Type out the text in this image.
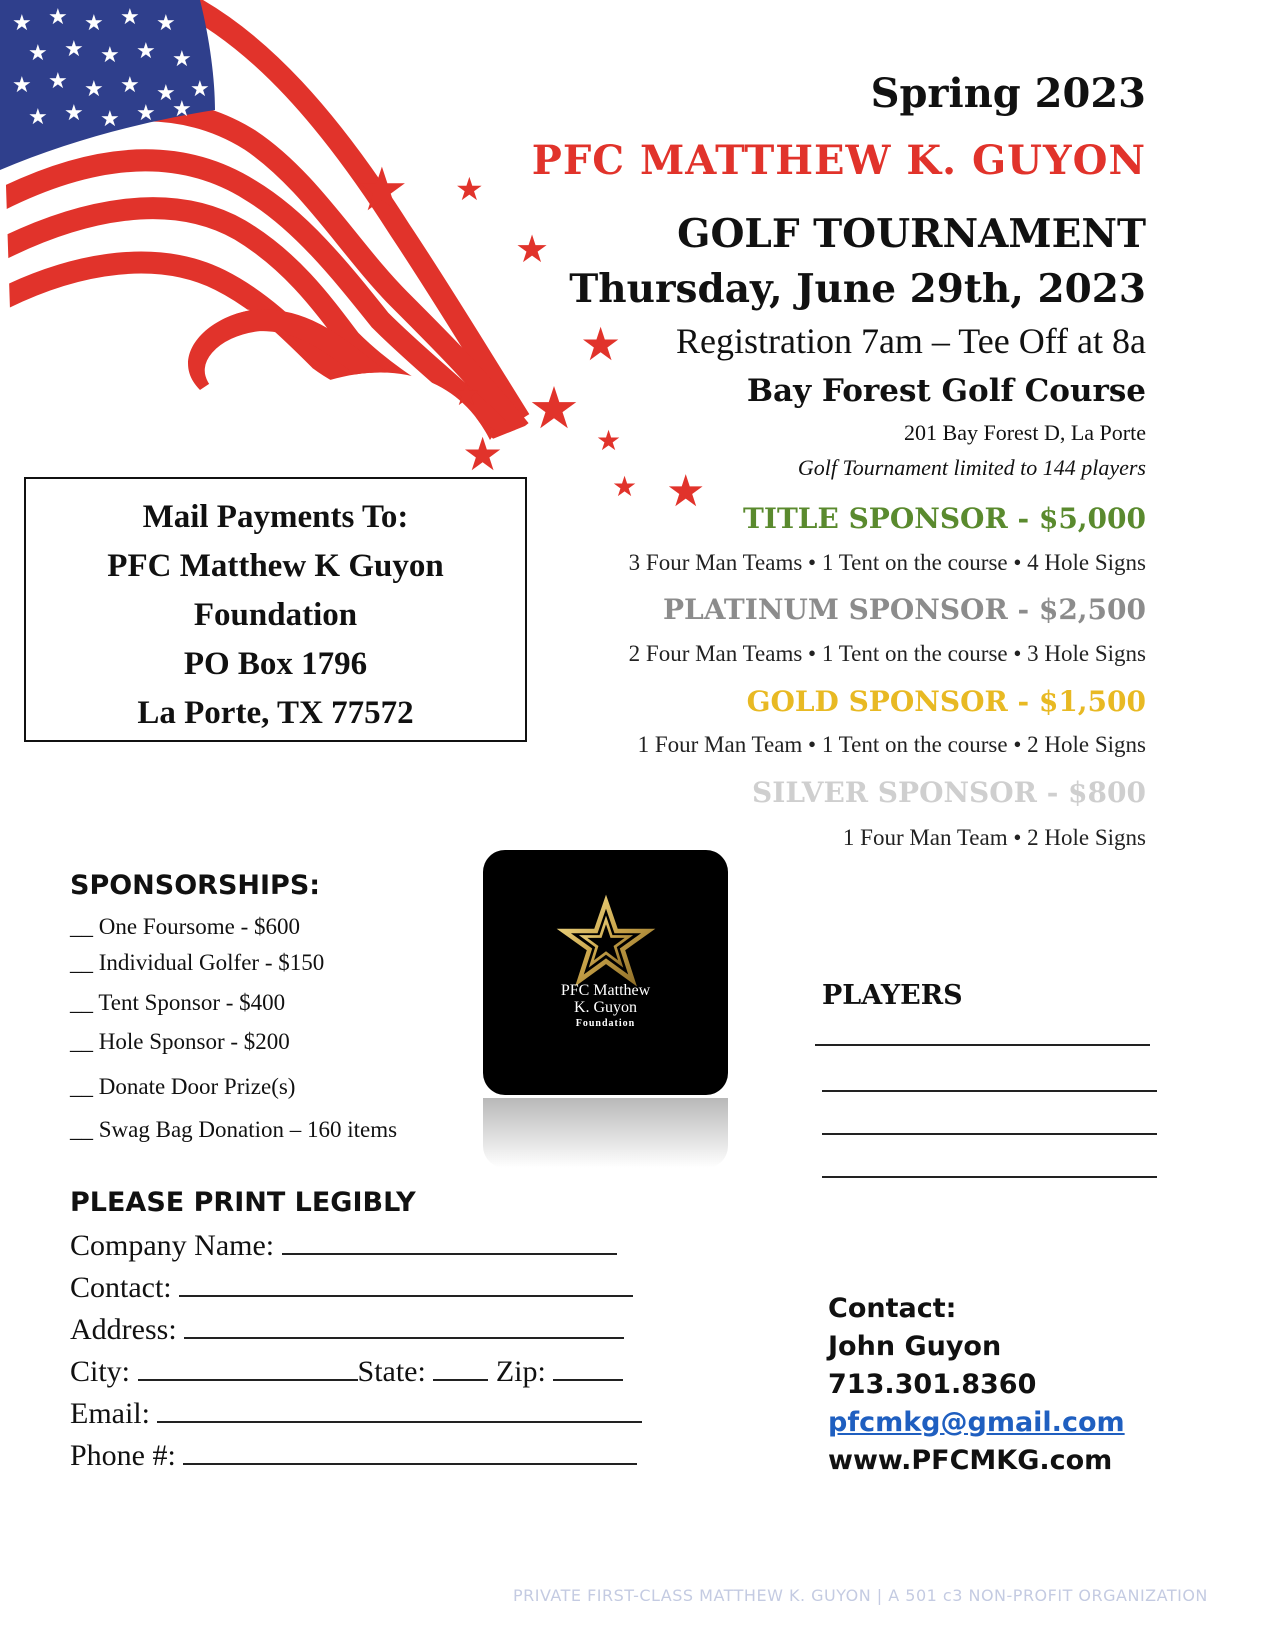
★ ★ ★ ★ ★
★ ★ ★ ★ ★
★ ★ ★ ★ ★ ★
★ ★ ★ ★ ★
★ ★
★
★
★ ★
★	★
★ ★
Spring 2023
PFC MATTHEW K. GUYON
GOLF TOURNAMENT
Thursday, June 29th, 2023
Registration 7am – Tee Off at 8a
Bay Forest Golf Course
201 Bay Forest D, La Porte
Golf Tournament limited to 144 players
TITLE SPONSOR - $5,000
3 Four Man Teams • 1 Tent on the course • 4 Hole Signs
PLATINUM SPONSOR - $2,500
2 Four Man Teams • 1 Tent on the course • 3 Hole Signs
GOLD SPONSOR - $1,500
1 Four Man Team • 1 Tent on the course • 2 Hole Signs
SILVER SPONSOR - $800
1 Four Man Team • 2 Hole Signs
Mail Payments To:
PFC Matthew K Guyon
Foundation
PO Box 1796
La Porte, TX 77572
SPONSORSHIPS:
__ One Foursome - $600
__ Individual Golfer - $150
__ Tent Sponsor - $400
__ Hole Sponsor - $200
__ Donate Door Prize(s)
__ Swag Bag Donation – 160 items
PFC Matthew
K. Guyon
Foundation
PLAYERS
PLEASE PRINT LEGIBLY
Company Name:
Contact:
Address:
City:	State: Zip:
Email:
Phone #:
Contact:
John Guyon
713.301.8360
pfcmkg@gmail.com
www.PFCMKG.com
PRIVATE FIRST-CLASS MATTHEW K. GUYON | A 501 c3 NON-PROFIT ORGANIZATION
